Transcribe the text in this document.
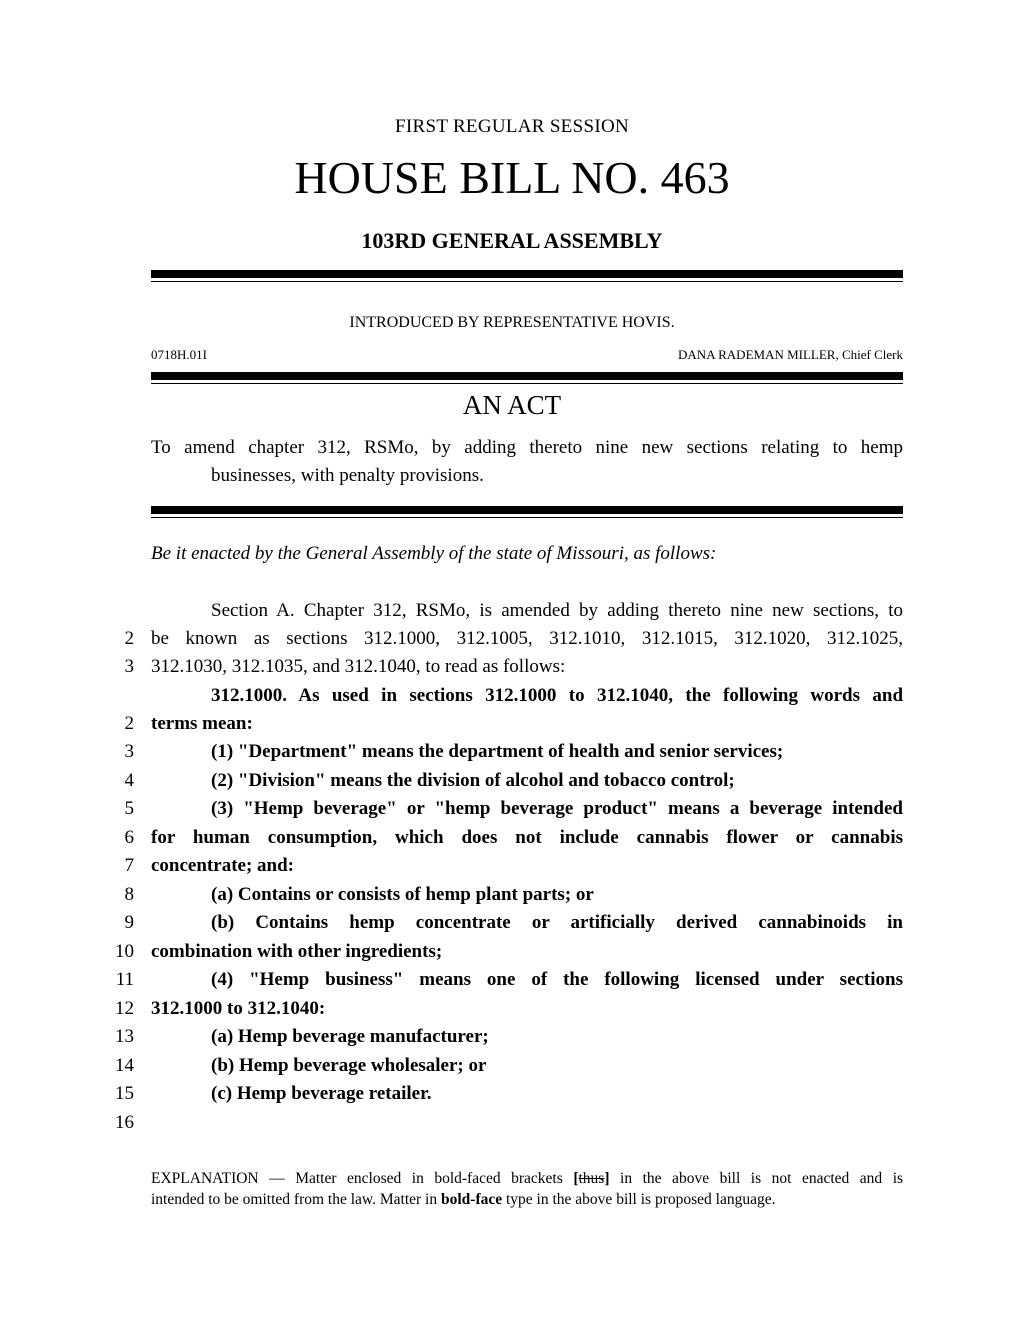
FIRST REGULAR SESSION
HOUSE BILL NO. 463
103RD GENERAL ASSEMBLY
INTRODUCED BY REPRESENTATIVE HOVIS.
0718H.01I	DANA RADEMAN MILLER, Chief Clerk
AN ACT
To amend chapter 312, RSMo, by adding thereto nine new sections relating to hemp
businesses, with penalty provisions.
Be it enacted by the General Assembly of the state of Missouri, as follows:
Section A. Chapter 312, RSMo, is amended by adding thereto nine new sections, to
2 be known as sections 312.1000, 312.1005, 312.1010, 312.1015, 312.1020, 312.1025,
3 312.1030, 312.1035, and 312.1040, to read as follows:
312.1000. As used in sections 312.1000 to 312.1040, the following words and
2 terms mean:
3	(1) "Department" means the department of health and senior services;
4	(2) "Division" means the division of alcohol and tobacco control;
5	(3) "Hemp beverage" or "hemp beverage product" means a beverage intended
6 for human consumption, which does not include cannabis flower or cannabis
7 concentrate; and:
8	(a) Contains or consists of hemp plant parts; or
9	(b) Contains hemp concentrate or artificially derived cannabinoids in
10 combination with other ingredients;
11	(4) "Hemp business" means one of the following licensed under sections
12 312.1000 to 312.1040:
13	(a) Hemp beverage manufacturer;
14	(b) Hemp beverage wholesaler; or
15	(c) Hemp beverage retailer.
16
EXPLANATION — Matter enclosed in bold-faced brackets [thus] in the above bill is not enacted and is
intended to be omitted from the law. Matter in bold-face type in the above bill is proposed language.
